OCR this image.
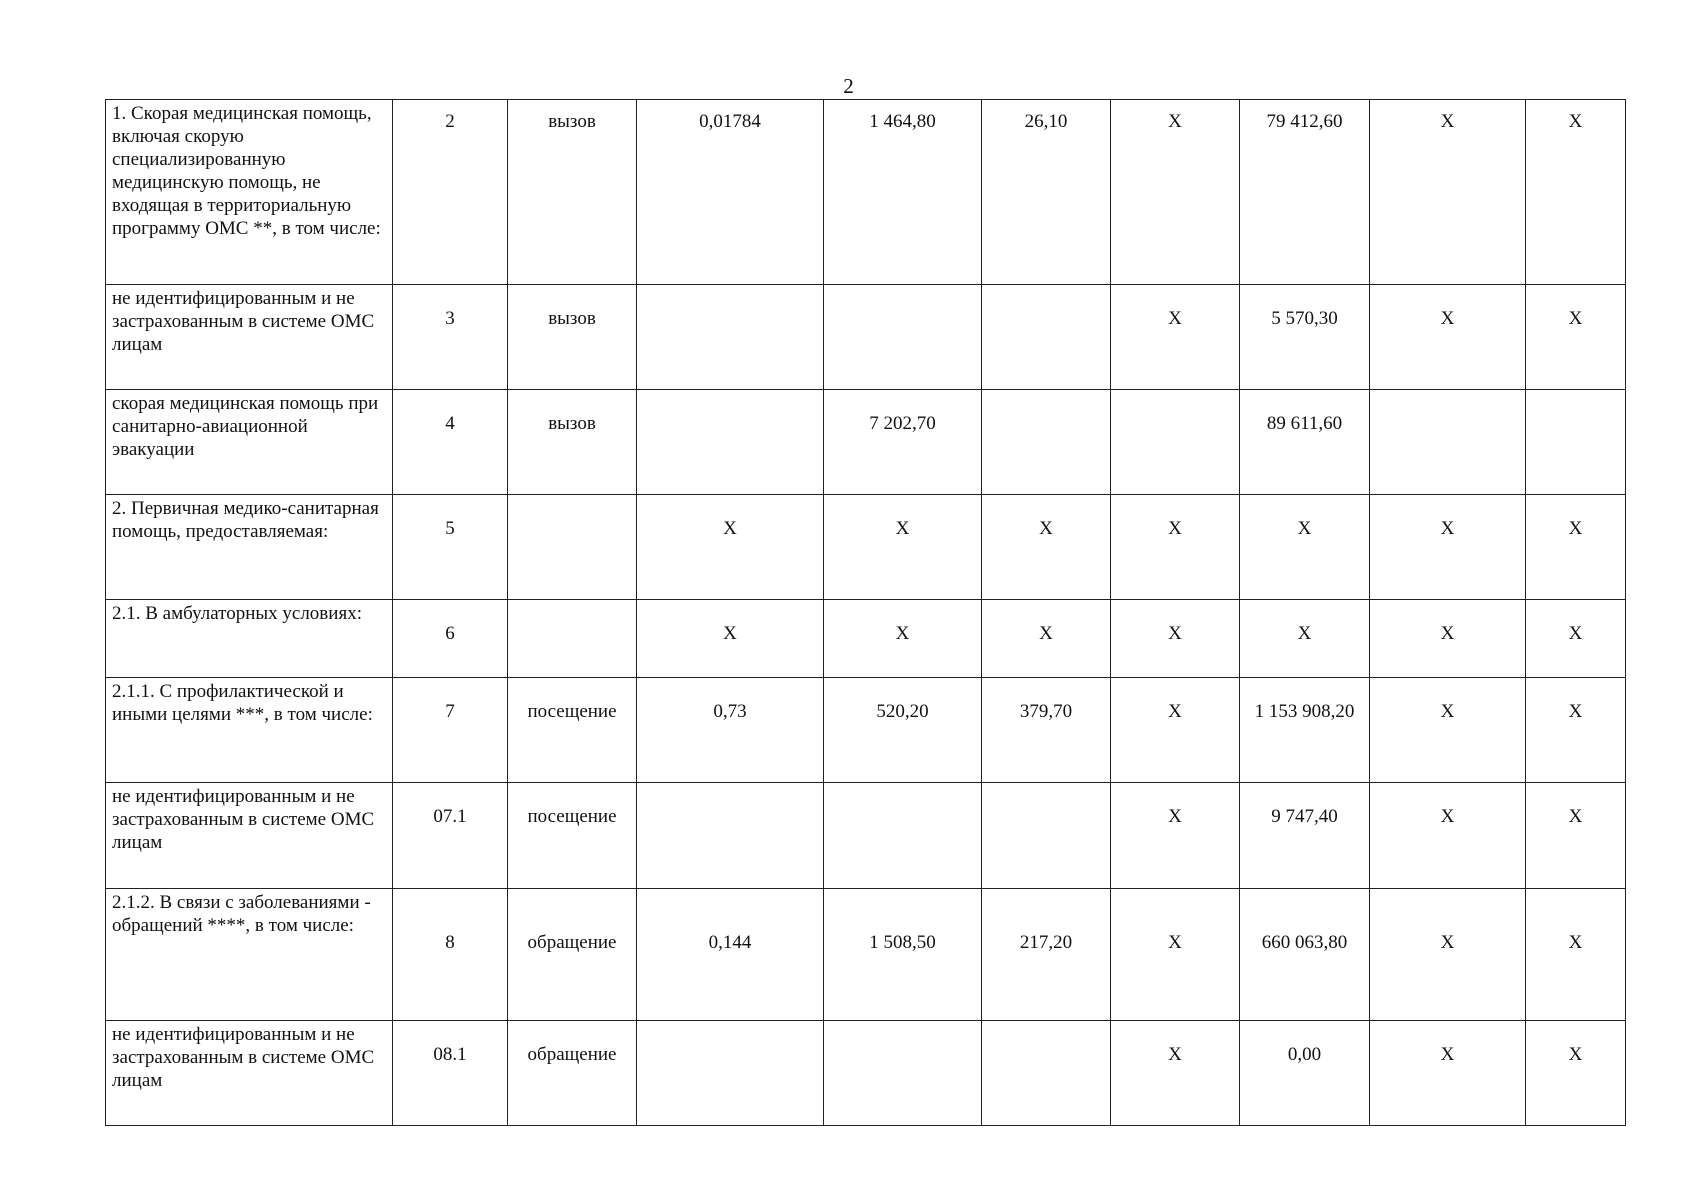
2
1. Скорая медицинская помощь, включая скорую специализированную медицинскую помощь, не входящая в территориальную программу ОМС **, в том числе:	2	вызов	0,01784	1 464,80	26,10	X	79 412,60	X	X
не идентифицированным и не застрахованным в системе ОМС лицам	3	вызов				X	5 570,30	X	X
скорая медицинская помощь при санитарно-авиационной эвакуации	4	вызов		7 202,70			89 611,60		
2. Первичная медико-санитарная помощь, предоставляемая:	5		X	X	X	X	X	X	X
2.1. В амбулаторных условиях:	6		X	X	X	X	X	X	X
2.1.1. С профилактической и иными целями ***, в том числе:	7	посещение	0,73	520,20	379,70	X	1 153 908,20	X	X
не идентифицированным и не застрахованным в системе ОМС лицам	07.1	посещение				X	9 747,40	X	X
2.1.2. В связи с заболеваниями - обращений ****, в том числе:	8	обращение	0,144	1 508,50	217,20	X	660 063,80	X	X
не идентифицированным и не застрахованным в системе ОМС лицам	08.1	обращение				X	0,00	X	X
